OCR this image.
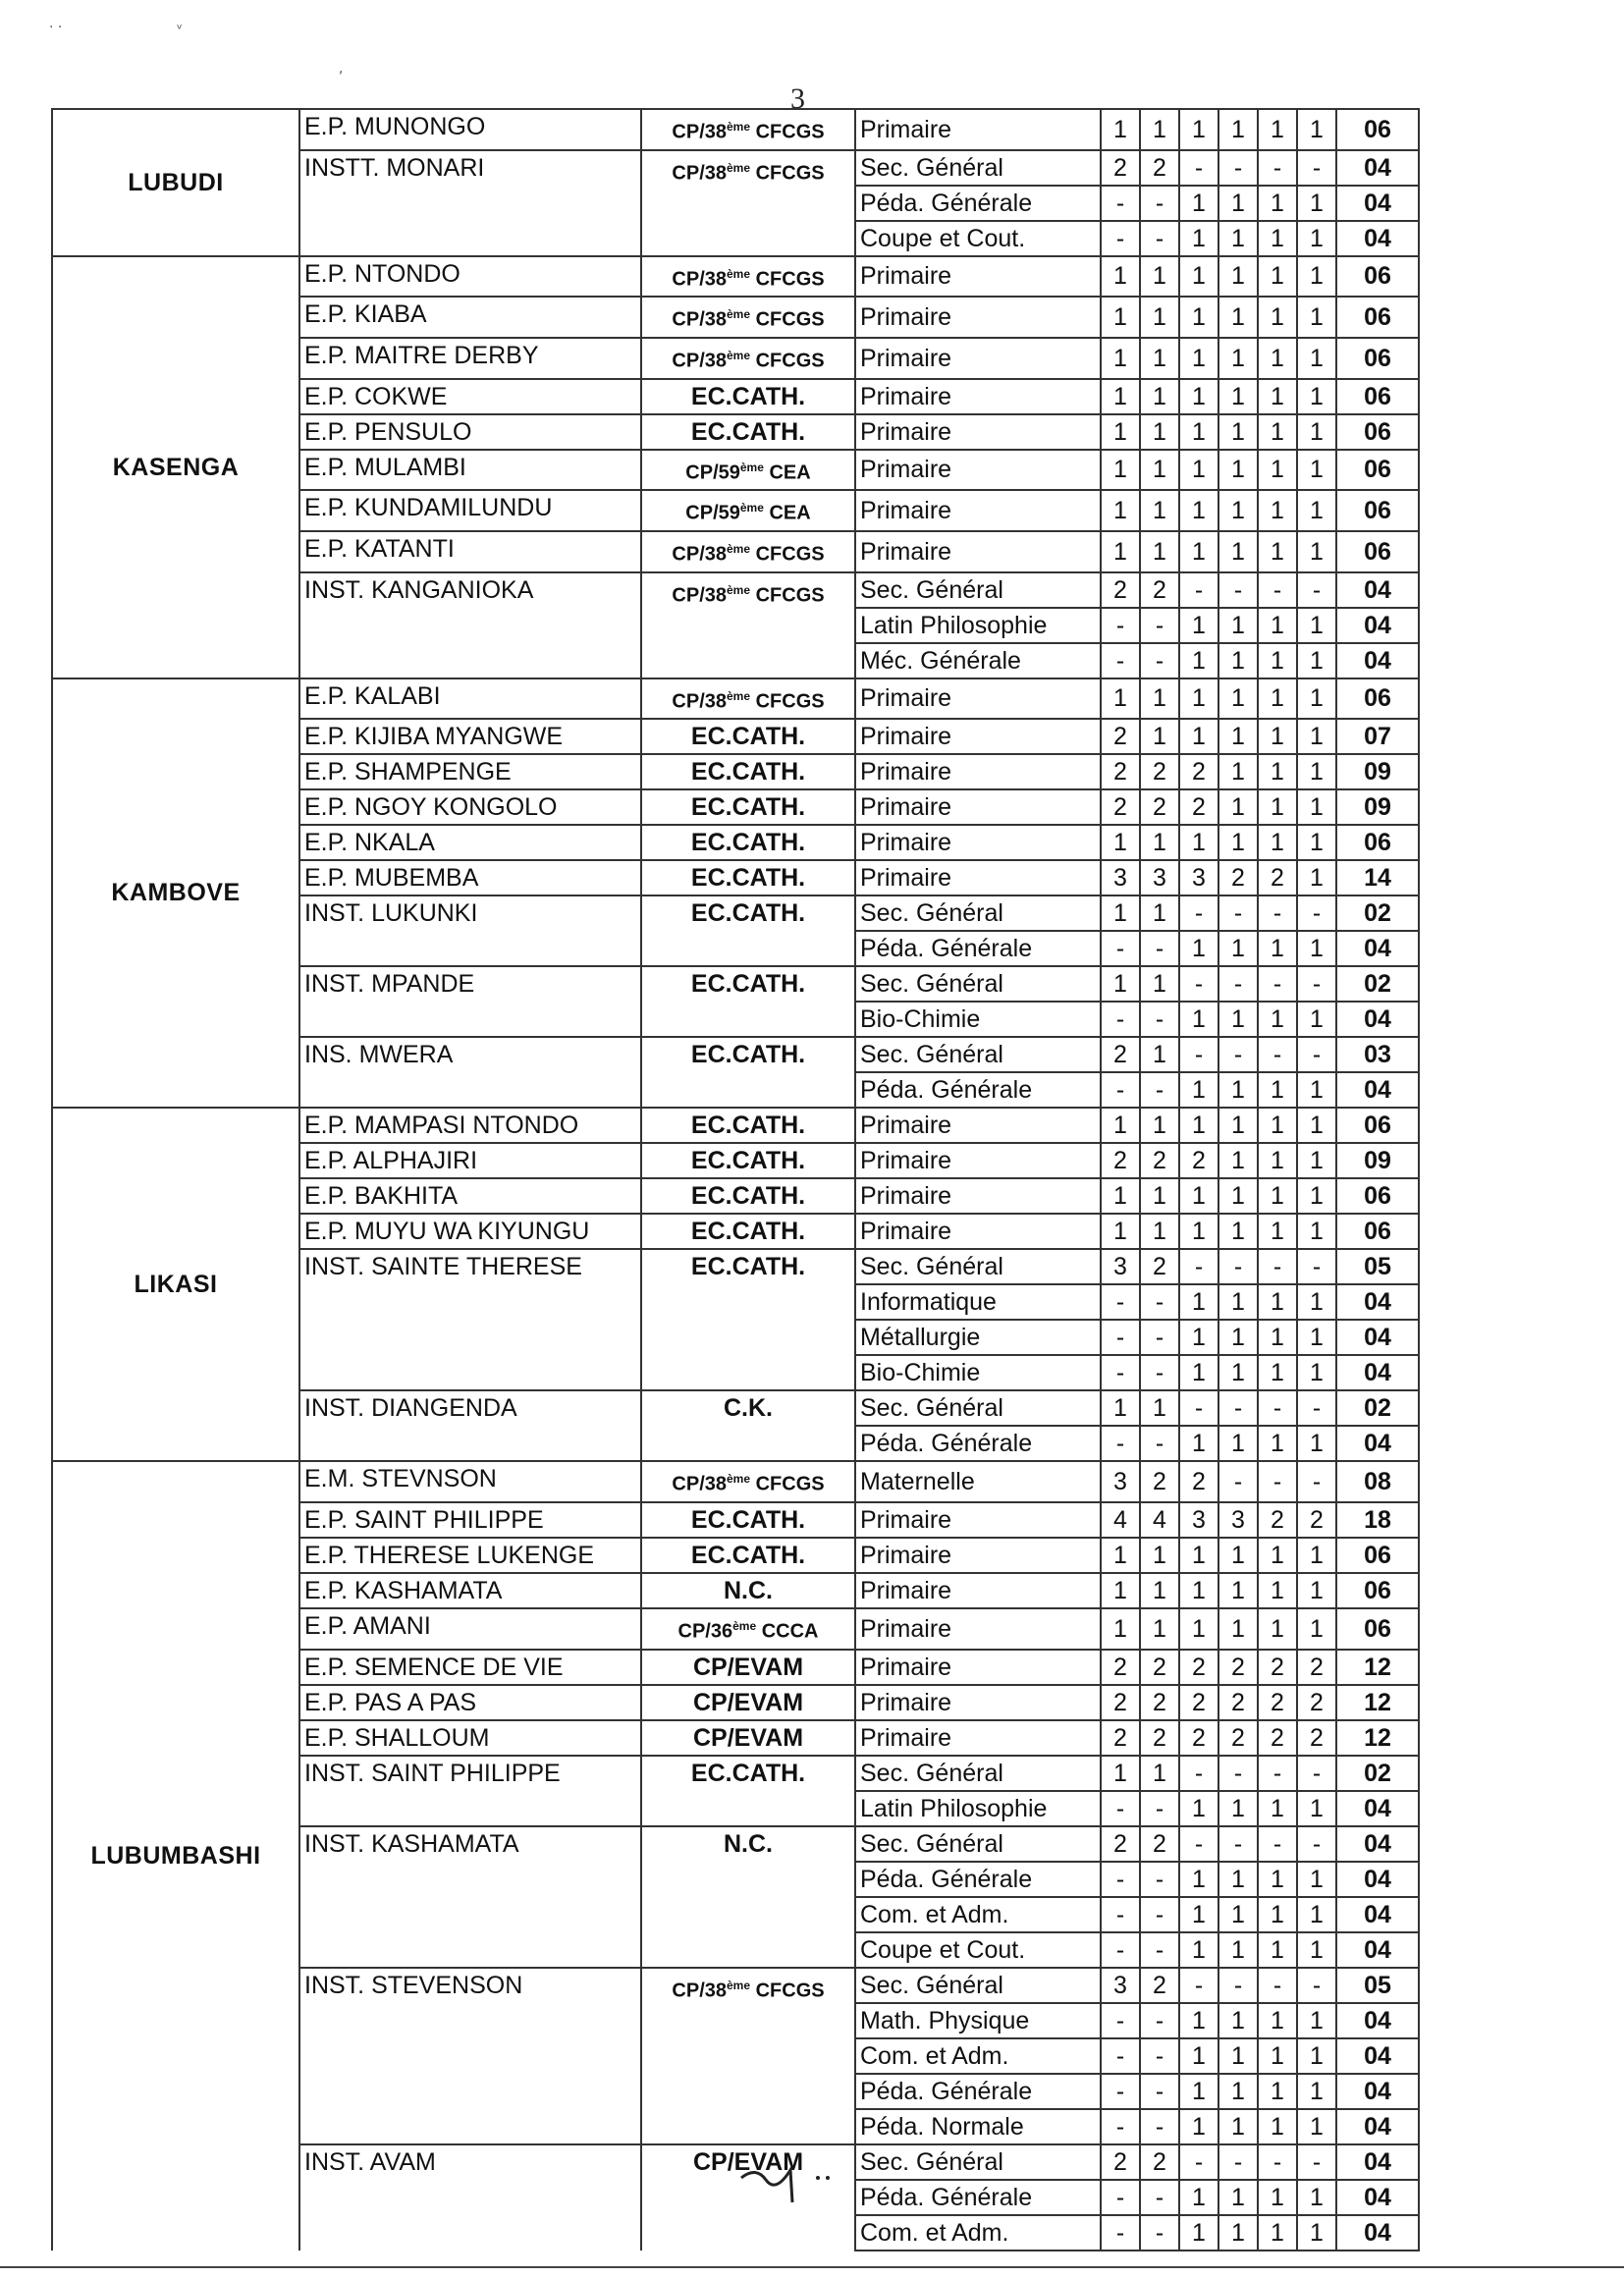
· ·	ᵛ
,
3
LUBUDI	E.P. MUNONGO	CP/38ème CFCGS	Primaire	1	1	1	1	1	1	06
	INSTT. MONARI	CP/38ème CFCGS	Sec. Général	2	2	-	-	-	-	04
			Péda. Générale	-	-	1	1	1	1	04
			Coupe et Cout.	-	-	1	1	1	1	04
KASENGA	E.P. NTONDO	CP/38ème CFCGS	Primaire	1	1	1	1	1	1	06
	E.P. KIABA	CP/38ème CFCGS	Primaire	1	1	1	1	1	1	06
	E.P. MAITRE DERBY	CP/38ème CFCGS	Primaire	1	1	1	1	1	1	06
	E.P. COKWE	EC.CATH.	Primaire	1	1	1	1	1	1	06
	E.P. PENSULO	EC.CATH.	Primaire	1	1	1	1	1	1	06
	E.P. MULAMBI	CP/59ème CEA	Primaire	1	1	1	1	1	1	06
	E.P. KUNDAMILUNDU	CP/59ème CEA	Primaire	1	1	1	1	1	1	06
	E.P. KATANTI	CP/38ème CFCGS	Primaire	1	1	1	1	1	1	06
	INST. KANGANIOKA	CP/38ème CFCGS	Sec. Général	2	2	-	-	-	-	04
			Latin Philosophie	-	-	1	1	1	1	04
			Méc. Générale	-	-	1	1	1	1	04
KAMBOVE	E.P. KALABI	CP/38ème CFCGS	Primaire	1	1	1	1	1	1	06
	E.P. KIJIBA MYANGWE	EC.CATH.	Primaire	2	1	1	1	1	1	07
	E.P. SHAMPENGE	EC.CATH.	Primaire	2	2	2	1	1	1	09
	E.P. NGOY KONGOLO	EC.CATH.	Primaire	2	2	2	1	1	1	09
	E.P. NKALA	EC.CATH.	Primaire	1	1	1	1	1	1	06
	E.P. MUBEMBA	EC.CATH.	Primaire	3	3	3	2	2	1	14
	INST. LUKUNKI	EC.CATH.	Sec. Général	1	1	-	-	-	-	02
			Péda. Générale	-	-	1	1	1	1	04
	INST. MPANDE	EC.CATH.	Sec. Général	1	1	-	-	-	-	02
			Bio-Chimie	-	-	1	1	1	1	04
	INS. MWERA	EC.CATH.	Sec. Général	2	1	-	-	-	-	03
			Péda. Générale	-	-	1	1	1	1	04
LIKASI	E.P. MAMPASI NTONDO	EC.CATH.	Primaire	1	1	1	1	1	1	06
	E.P. ALPHAJIRI	EC.CATH.	Primaire	2	2	2	1	1	1	09
	E.P. BAKHITA	EC.CATH.	Primaire	1	1	1	1	1	1	06
	E.P. MUYU WA KIYUNGU	EC.CATH.	Primaire	1	1	1	1	1	1	06
	INST. SAINTE THERESE	EC.CATH.	Sec. Général	3	2	-	-	-	-	05
			Informatique	-	-	1	1	1	1	04
			Métallurgie	-	-	1	1	1	1	04
			Bio-Chimie	-	-	1	1	1	1	04
	INST. DIANGENDA	C.K.	Sec. Général	1	1	-	-	-	-	02
			Péda. Générale	-	-	1	1	1	1	04
LUBUMBASHI	E.M. STEVNSON	CP/38ème CFCGS	Maternelle	3	2	2	-	-	-	08
	E.P. SAINT PHILIPPE	EC.CATH.	Primaire	4	4	3	3	2	2	18
	E.P. THERESE LUKENGE	EC.CATH.	Primaire	1	1	1	1	1	1	06
	E.P. KASHAMATA	N.C.	Primaire	1	1	1	1	1	1	06
	E.P. AMANI	CP/36ème CCCA	Primaire	1	1	1	1	1	1	06
	E.P. SEMENCE DE VIE	CP/EVAM	Primaire	2	2	2	2	2	2	12
	E.P. PAS A PAS	CP/EVAM	Primaire	2	2	2	2	2	2	12
	E.P. SHALLOUM	CP/EVAM	Primaire	2	2	2	2	2	2	12
	INST. SAINT PHILIPPE	EC.CATH.	Sec. Général	1	1	-	-	-	-	02
			Latin Philosophie	-	-	1	1	1	1	04
	INST. KASHAMATA	N.C.	Sec. Général	2	2	-	-	-	-	04
			Péda. Générale	-	-	1	1	1	1	04
			Com. et Adm.	-	-	1	1	1	1	04
			Coupe et Cout.	-	-	1	1	1	1	04
	INST. STEVENSON	CP/38ème CFCGS	Sec. Général	3	2	-	-	-	-	05
			Math. Physique	-	-	1	1	1	1	04
			Com. et Adm.	-	-	1	1	1	1	04
			Péda. Générale	-	-	1	1	1	1	04
			Péda. Normale	-	-	1	1	1	1	04
	INST. AVAM	CP/EVAM	Sec. Général	2	2	-	-	-	-	04
			Péda. Générale	-	-	1	1	1	1	04
			Com. et Adm.	-	-	1	1	1	1	04
